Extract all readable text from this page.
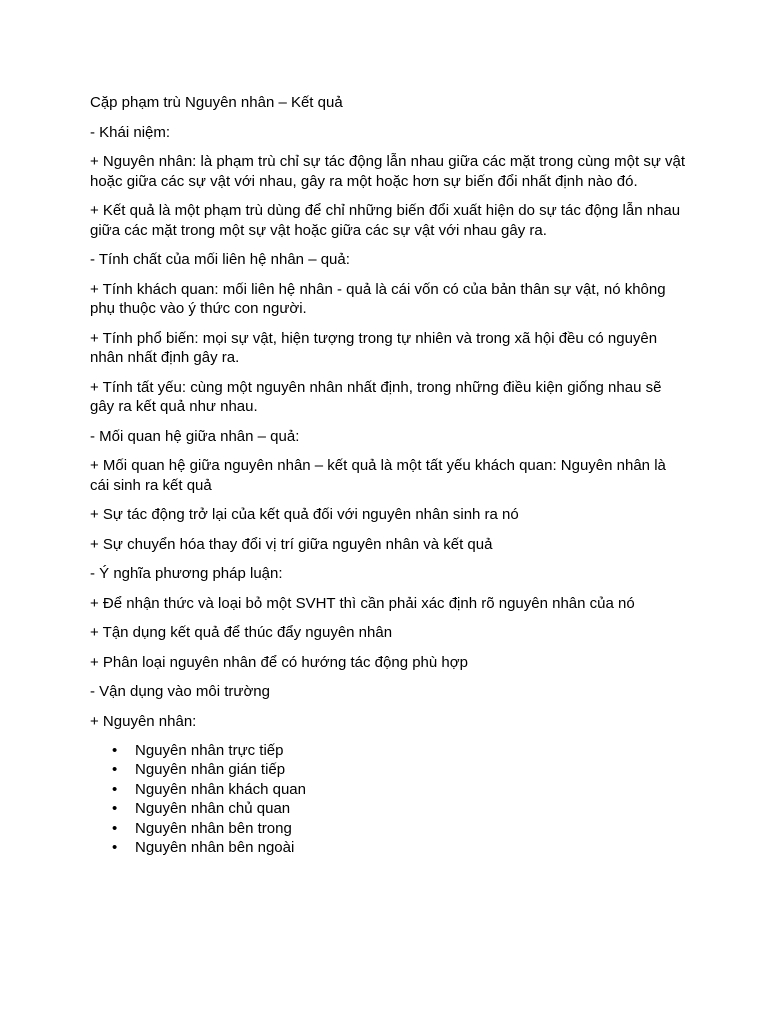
Cặp phạm trù Nguyên nhân – Kết quả

- Khái niệm:

+ Nguyên nhân: là phạm trù chỉ sự tác động lẫn nhau giữa các mặt trong cùng một sự vật hoặc giữa các sự vật với nhau, gây ra một hoặc hơn sự biến đổi nhất định nào đó.

+ Kết quả là một phạm trù dùng để chỉ những biến đổi xuất hiện do sự tác động lẫn nhau giữa các mặt trong một sự vật hoặc giữa các sự vật với nhau gây ra.

- Tính chất của mối liên hệ nhân – quả:

+ Tính khách quan: mối liên hệ nhân - quả là cái vốn có của bản thân sự vật, nó không phụ thuộc vào ý thức con người.

+ Tính phổ biến: mọi sự vật, hiện tượng trong tự nhiên và trong xã hội đều có nguyên nhân nhất định gây ra.

+ Tính tất yếu: cùng một nguyên nhân nhất định, trong những điều kiện giống nhau sẽ gây ra kết quả như nhau.

- Mối quan hệ giữa nhân – quả:

+ Mối quan hệ giữa nguyên nhân – kết quả là một tất yếu khách quan: Nguyên nhân là cái sinh ra kết quả

+ Sự tác động trở lại của kết quả đối với nguyên nhân sinh ra nó

+ Sự chuyển hóa thay đổi vị trí giữa nguyên nhân và kết quả

- Ý nghĩa phương pháp luận:

+ Để nhận thức và loại bỏ một SVHT thì cần phải xác định rõ nguyên nhân của nó

+ Tận dụng kết quả để thúc đẩy nguyên nhân

+ Phân loại nguyên nhân để có hướng tác động phù hợp

- Vận dụng vào môi trường

+ Nguyên nhân:

• Nguyên nhân trực tiếp
• Nguyên nhân gián tiếp
• Nguyên nhân khách quan
• Nguyên nhân chủ quan
• Nguyên nhân bên trong
• Nguyên nhân bên ngoài
